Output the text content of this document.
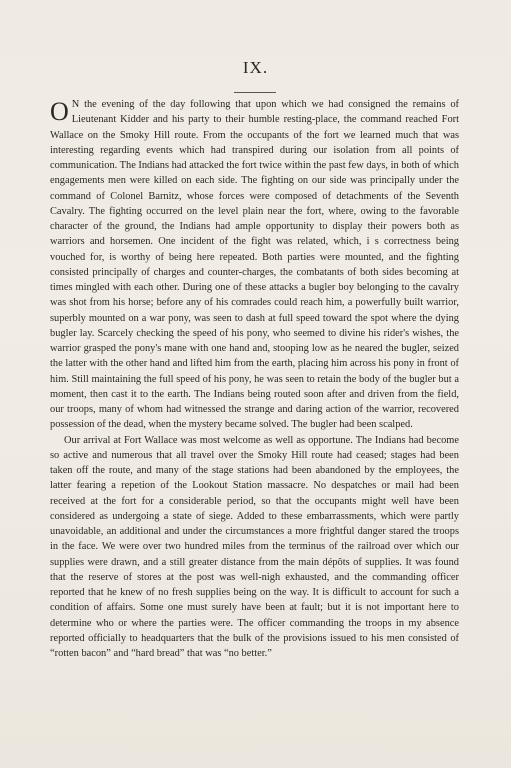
IX.

ON the evening of the day following that upon which we had consigned the remains of Lieutenant Kidder and his party to their humble resting-place, the command reached Fort Wallace on the Smoky Hill route. From the occupants of the fort we learned much that was interesting regarding events which had transpired during our isolation from all points of communication. The Indians had attacked the fort twice within the past few days, in both of which engagements men were killed on each side. The fighting on our side was principally under the command of Colonel Barnitz, whose forces were composed of detachments of the Seventh Cavalry. The fighting occurred on the level plain near the fort, where, owing to the favorable character of the ground, the Indians had ample opportunity to display their powers both as warriors and horsemen. One incident of the fight was related, which, i s correctness being vouched for, is worthy of being here repeated. Both parties were mounted, and the fighting consisted principally of charges and counter-charges, the combatants of both sides becoming at times mingled with each other. During one of these attacks a bugler boy belonging to the cavalry was shot from his horse; before any of his comrades could reach him, a powerfully built warrior, superbly mounted on a war pony, was seen to dash at full speed toward the spot where the dying bugler lay. Scarcely checking the speed of his pony, who seemed to divine his rider's wishes, the warrior grasped the pony's mane with one hand and, stooping low as he neared the bugler, seized the latter with the other hand and lifted him from the earth, placing him across his pony in front of him. Still maintaining the full speed of his pony, he was seen to retain the body of the bugler but a moment, then cast it to the earth. The Indians being routed soon after and driven from the field, our troops, many of whom had witnessed the strange and daring action of the warrior, recovered possession of the dead, when the mystery became solved. The bugler had been scalped.

Our arrival at Fort Wallace was most welcome as well as opportune. The Indians had become so active and numerous that all travel over the Smoky Hill route had ceased; stages had been taken off the route, and many of the stage stations had been abandoned by the employees, the latter fearing a repetion of the Lookout Station massacre. No despatches or mail had been received at the fort for a considerable period, so that the occupants might well have been considered as undergoing a state of siege. Added to these embarrassments, which were partly unavoidable, an additional and under the circumstances a more frightful danger stared the troops in the face. We were over two hundred miles from the terminus of the railroad over which our supplies were drawn, and a still greater distance from the main dépôts of supplies. It was found that the reserve of stores at the post was well-nigh exhausted, and the commanding officer reported that he knew of no fresh supplies being on the way. It is difficult to account for such a condition of affairs. Some one must surely have been at fault; but it is not important here to determine who or where the parties were. The officer commanding the troops in my absence reported officially to headquarters that the bulk of the provisions issued to his men consisted of “rotten bacon” and “hard bread” that was “no better.”
